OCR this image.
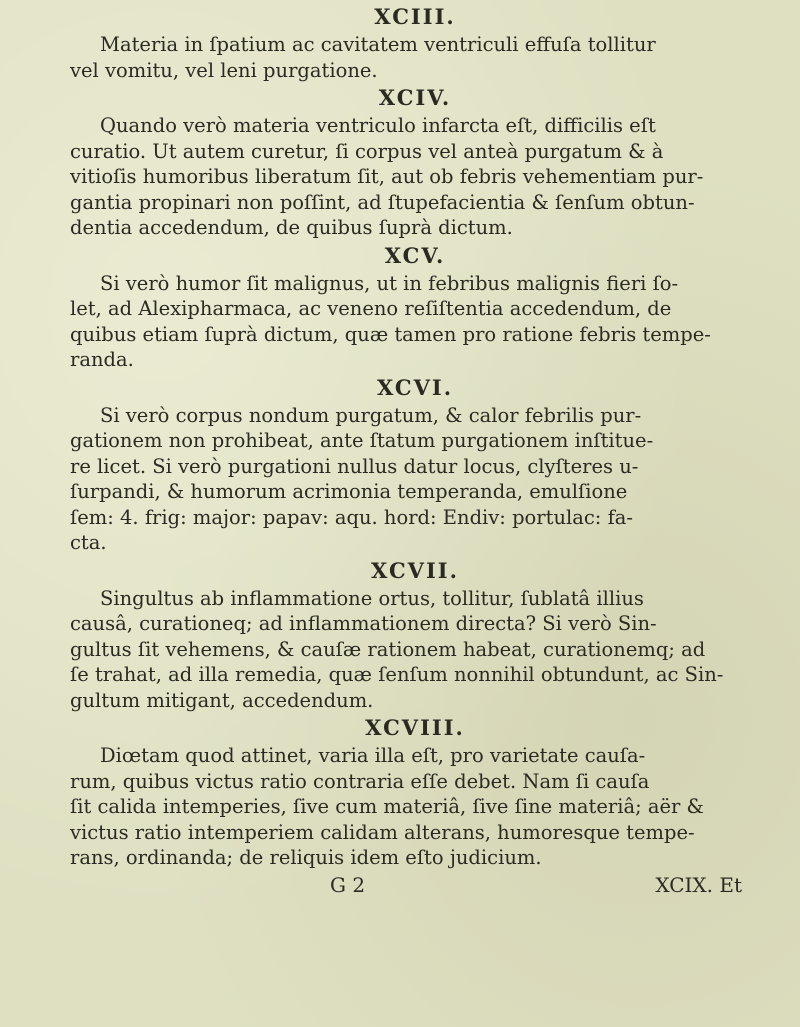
XCIII.

Materia in ſpatium ac cavitatem ventriculi effuſa tollitur
vel vomitu, vel leni purgatione.

XCIV.

Quando verò materia ventriculo infarcta eſt, difficilis eſt
curatio. Ut autem curetur, ſi corpus vel anteà purgatum & à
vitioſis humoribus liberatum ſit, aut ob febris vehementiam pur-
gantia propinari non poſſint, ad ſtupefacientia & ſenſum obtun-
dentia accedendum, de quibus ſuprà dictum.

XCV.

Si verò humor ſit malignus, ut in febribus malignis fieri ſo-
let, ad Alexipharmaca, ac veneno reſiſtentia accedendum, de
quibus etiam ſuprà dictum, quæ tamen pro ratione febris tempe-
randa.

XCVI.

Si verò corpus nondum purgatum, & calor febrilis pur-
gationem non prohibeat, ante ſtatum purgationem inſtitue-
re licet. Si verò purgationi nullus datur locus, clyſteres u-
ſurpandi, & humorum acrimonia temperanda, emulſione
ſem: 4. frig: major: papav: aqu. hord: Endiv: portulac: fa-
cta.

XCVII.

Singultus ab inflammatione ortus, tollitur, ſublatâ illius
causâ, curationeq; ad inflammationem directa? Si verò Sin-
gultus ſit vehemens, & cauſæ rationem habeat, curationemq; ad
ſe trahat, ad illa remedia, quæ ſenſum nonnihil obtundunt, ac Sin-
gultum mitigant, accedendum.

XCVIII.

Diœtam quod attinet, varia illa eſt, pro varietate cauſa-
rum, quibus victus ratio contraria eſſe debet. Nam ſi cauſa
ſit calida intemperies, ſive cum materiâ, ſive ſine materiâ; aër &
victus ratio intemperiem calidam alterans, humoresque tempe-
rans, ordinanda; de reliquis idem eſto judicium.

G 2	XCIX. Et
